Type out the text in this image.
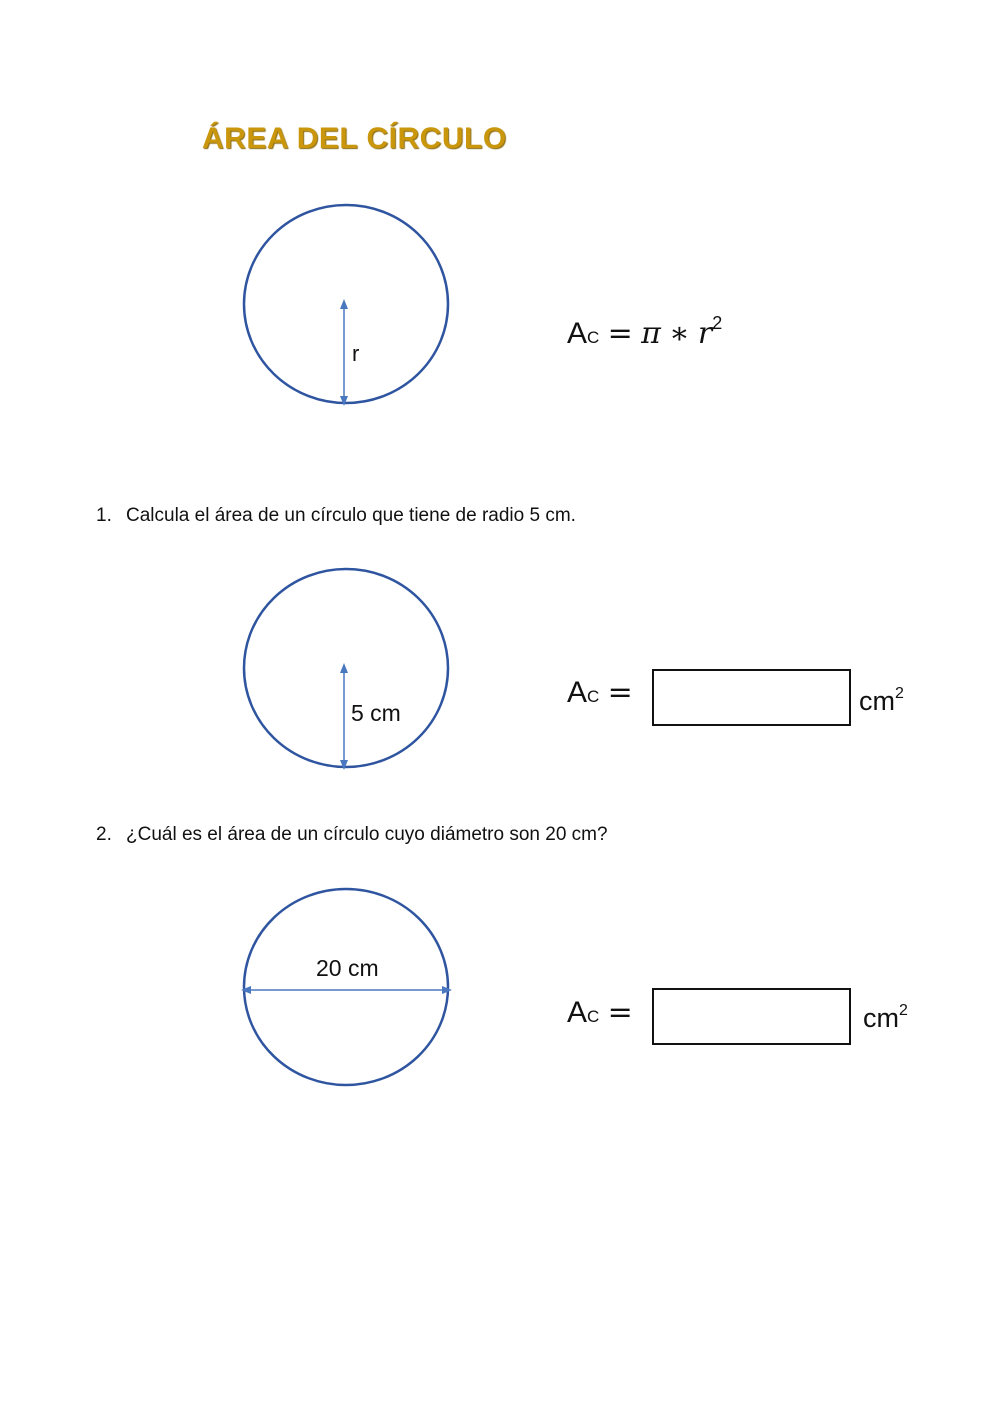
ÁREA DEL CÍRCULO
r
5 cm
20 cm
AC = π ∗ $r^2$
1. Calcula el área de un círculo que tiene de radio 5 cm.
AC =	$cm^2$
2. ¿Cuál es el área de un círculo cuyo diámetro son 20 cm?
AC =	$cm^2$
